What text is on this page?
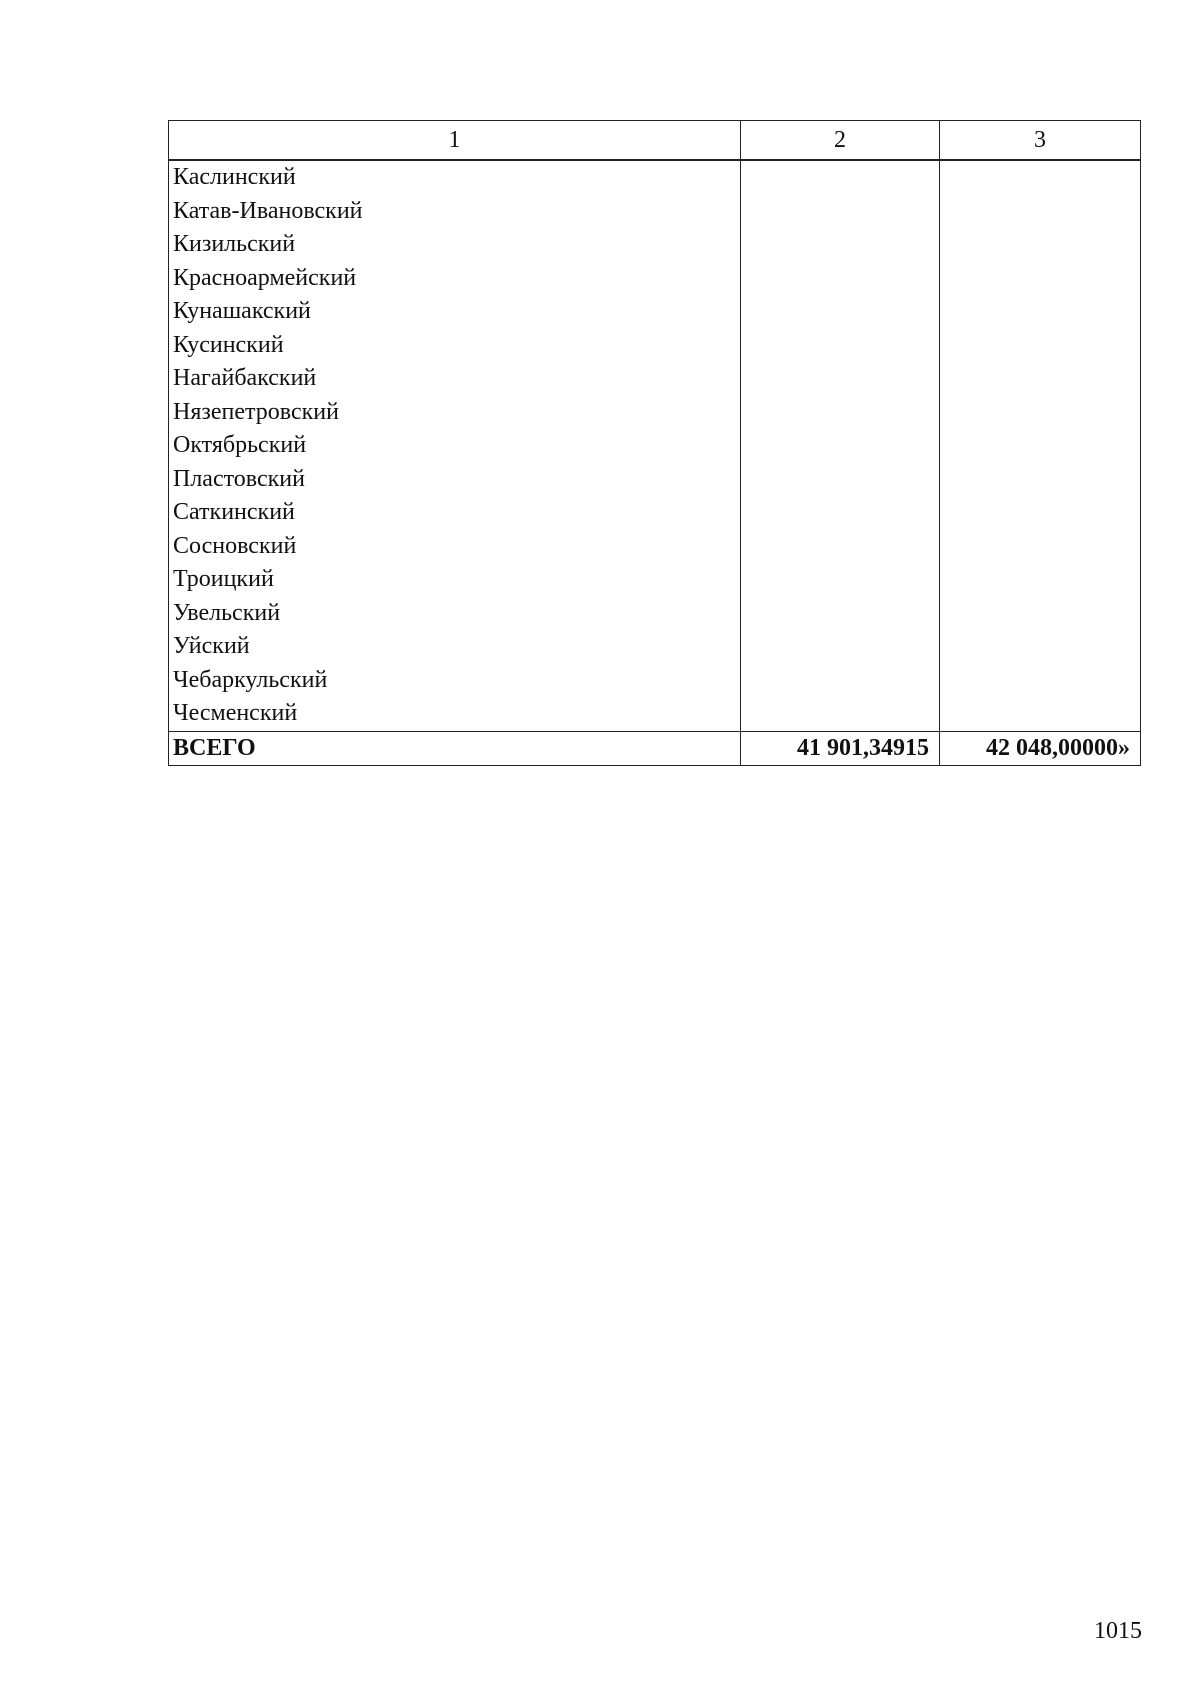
1	2	3
Каслинский		
Катав-Ивановский		
Кизильский		
Красноармейский		
Кунашакский		
Кусинский		
Нагайбакский		
Нязепетровский		
Октябрьский		
Пластовский		
Саткинский		
Сосновский		
Троицкий		
Увельский		
Уйский		
Чебаркульский		
Чесменский		
ВСЕГО	41 901,34915	42 048,00000»
1015
